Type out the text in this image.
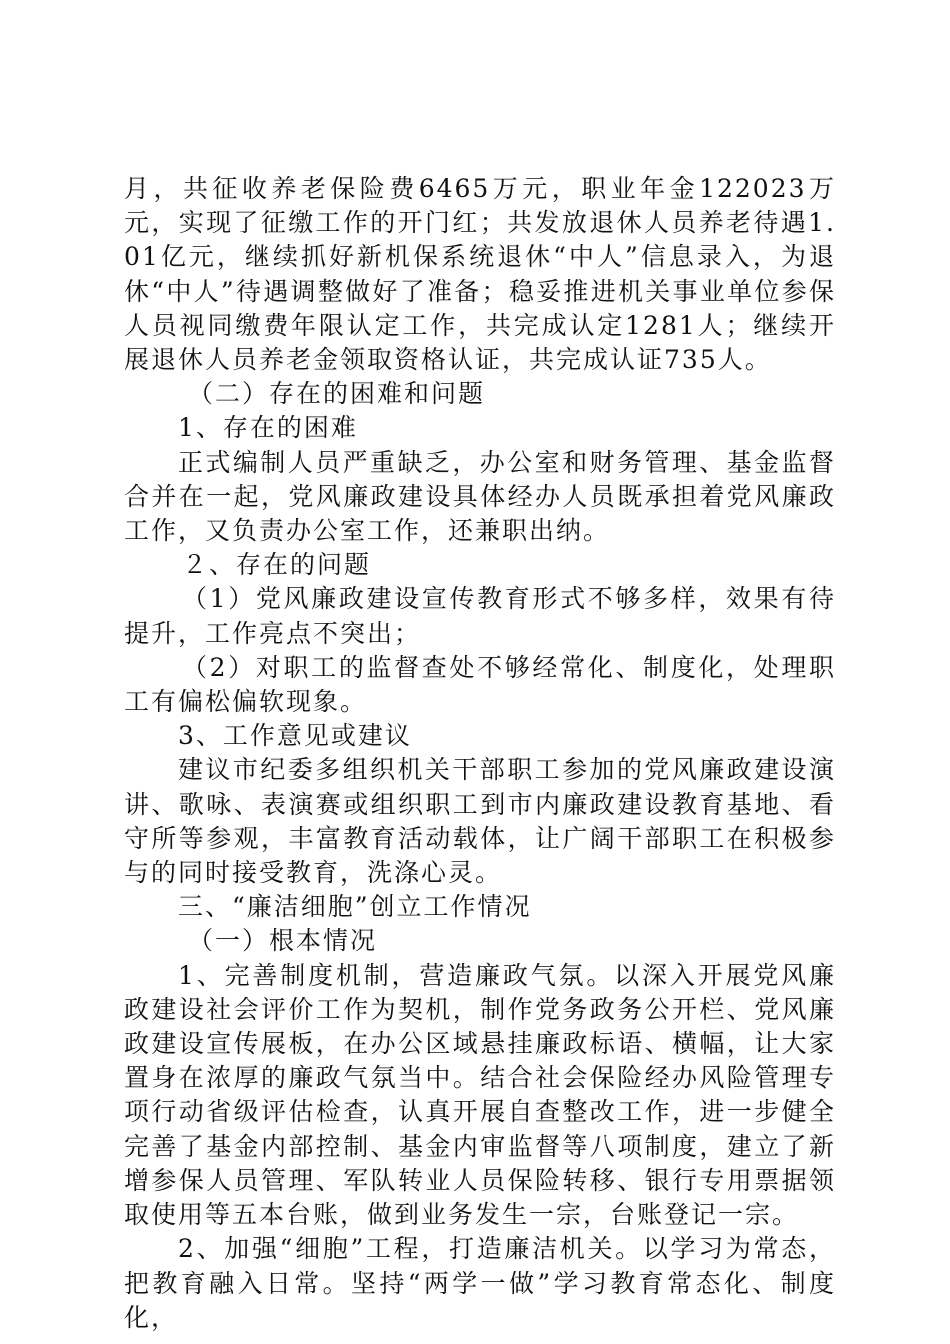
月，共征收养老保险费6465万元，职业年金122023万元，实现了征缴工作的开门红；共发放退休人员养老待遇1.01亿元，继续抓好新机保系统退休“中人”信息录入，为退休“中人”待遇调整做好了准备；稳妥推进机关事业单位参保人员视同缴费年限认定工作，共完成认定1281人；继续开展退休人员养老金领取资格认证，共完成认证735人。

（二）存在的困难和问题

1、存在的困难

正式编制人员严重缺乏，办公室和财务管理、基金监督合并在一起，党风廉政建设具体经办人员既承担着党风廉政工作，又负责办公室工作，还兼职出纳。

２、存在的问题

（1）党风廉政建设宣传教育形式不够多样，效果有待提升，工作亮点不突出；

（2）对职工的监督查处不够经常化、制度化，处理职工有偏松偏软现象。

3、工作意见或建议

建议市纪委多组织机关干部职工参加的党风廉政建设演讲、歌咏、表演赛或组织职工到市内廉政建设教育基地、看守所等参观，丰富教育活动载体，让广阔干部职工在积极参与的同时接受教育，洗涤心灵。

三、“廉洁细胞”创立工作情况

（一）根本情况

1、完善制度机制，营造廉政气氛。以深入开展党风廉政建设社会评价工作为契机，制作党务政务公开栏、党风廉政建设宣传展板，在办公区域悬挂廉政标语、横幅，让大家置身在浓厚的廉政气氛当中。结合社会保险经办风险管理专项行动省级评估检查，认真开展自查整改工作，进一步健全完善了基金内部控制、基金内审监督等八项制度，建立了新增参保人员管理、军队转业人员保险转移、银行专用票据领取使用等五本台账，做到业务发生一宗，台账登记一宗。

2、加强“细胞”工程，打造廉洁机关。以学习为常态，把教育融入日常。坚持“两学一做”学习教育常态化、制度化，
